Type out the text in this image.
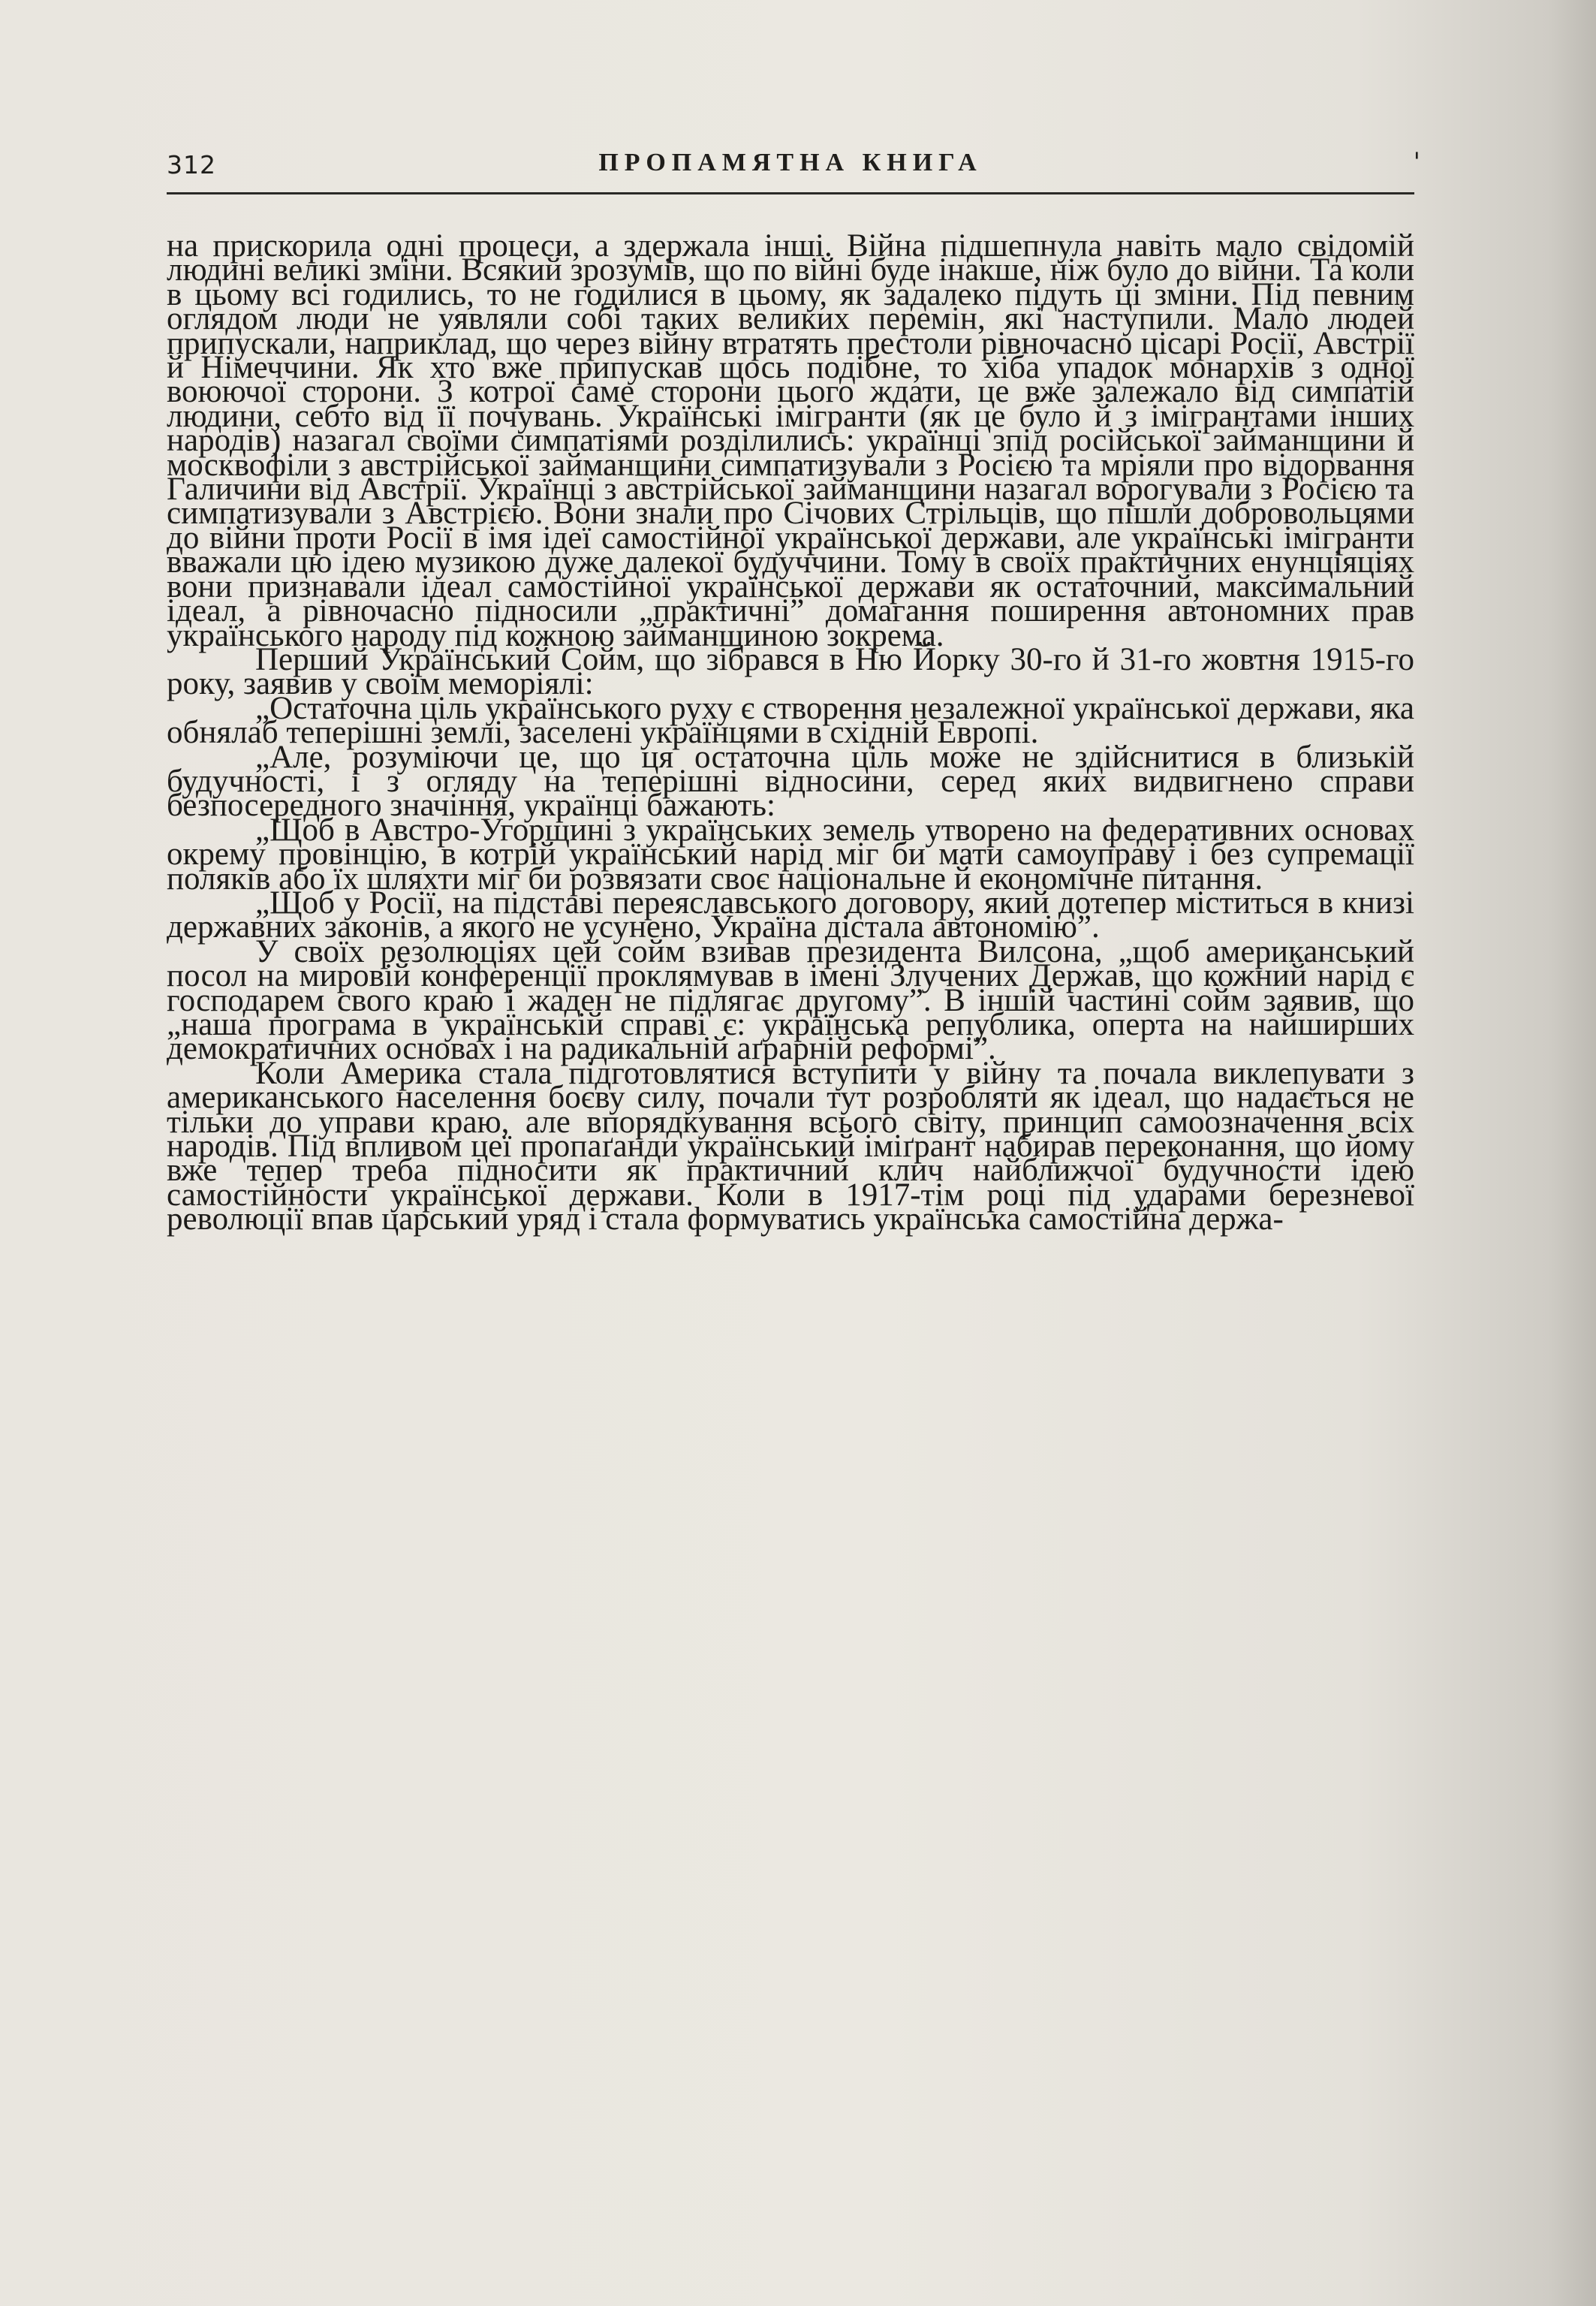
312	ПРОПАМЯТНА КНИГА	'

на прискорила одні процеси, а здержала інші. Війна підшепнула навіть мало свідомій людині великі зміни. Всякий зрозумів, що по війні буде інакше, ніж було до війни. Та коли в цьому всі годились, то не годилися в цьому, як задалеко підуть ці зміни. Під певним оглядом люди не уявляли собі таких великих перемін, які наступили. Мало людей припускали, наприклад, що через війну втратять престоли рівночасно цісарі Росії, Австрії й Німеччини. Як хто вже припускав щось подібне, то хіба упадок монархів з одної воюючої сторони. З котрої саме сторони цього ждати, це вже залежало від симпатій людини, себто від її почувань. Українські імігранти (як це було й з імігрантами інших народів) назагал своїми симпатіями розділились: українці зпід російської займанщини й москвофіли з австрійської займанщини симпатизували з Росією та мріяли про відорвання Галичини від Австрії. Українці з австрійської займанщини назагал ворогували з Росією та симпатизували з Австрією. Вони знали про Січових Стрільців, що пішли добровольцями до війни проти Росії в імя ідеї самостійної української держави, але українські імігранти вважали цю ідею музикою дуже далекої будуччини. Тому в своїх практичних енунціяціях вони признавали ідеал самостійної української держави як остаточний, максимальний ідеал, а рівночасно підносили „практичні” домагання поширення автономних прав українського народу під кожною займанщиною зокрема.

Перший Український Сойм, що зібрався в Ню Йорку 30-го й 31-го жовтня 1915-го року, заявив у своїм меморіялі:

„Остаточна ціль українського руху є створення незалежної української держави, яка обнялаб теперішні землі, заселені українцями в східній Европі.

„Але, розуміючи це, що ця остаточна ціль може не здійснитися в близькій будучності, і з огляду на теперішні відносини, серед яких видвигнено справи безпосередного значіння, українці бажають:

„Щоб в Австро-Угорщині з українських земель утворено на федеративних основах окрему провінцію, в котрій український нарід міг би мати самоуправу і без супремації поляків або їх шляхти міг би розвязати своє національне й економічне питання.

„Щоб у Росії, на підставі переяславського договору, який дотепер міститься в книзі державних законів, а якого не усунено, Україна дістала автономію”.

У своїх резолюціях цей сойм взивав президента Вилсона, „щоб американський посол на мировій конференції проклямував в імені Злучених Держав, що кожний нарід є господарем свого краю і жаден не підлягає другому”. В іншій частині сойм заявив, що „наша програма в українській справі є: українська република, оперта на найширших демократичних основах і на радикальній аґрарній реформі”.

Коли Америка стала підготовлятися вступити у війну та почала виклепувати з американського населення боєву силу, почали тут розробляти як ідеал, що надається не тільки до управи краю, але впорядкування всього світу, принцип самоозначення всіх народів. Під впливом цеї пропаґанди український іміґрант набирав переконання, що йому вже тепер треба підносити як практичний клич найближчої будучности ідею самостійности української держави. Коли в 1917-тім році під ударами березневої революції впав царський уряд і стала формуватись українська самостійна держа-
